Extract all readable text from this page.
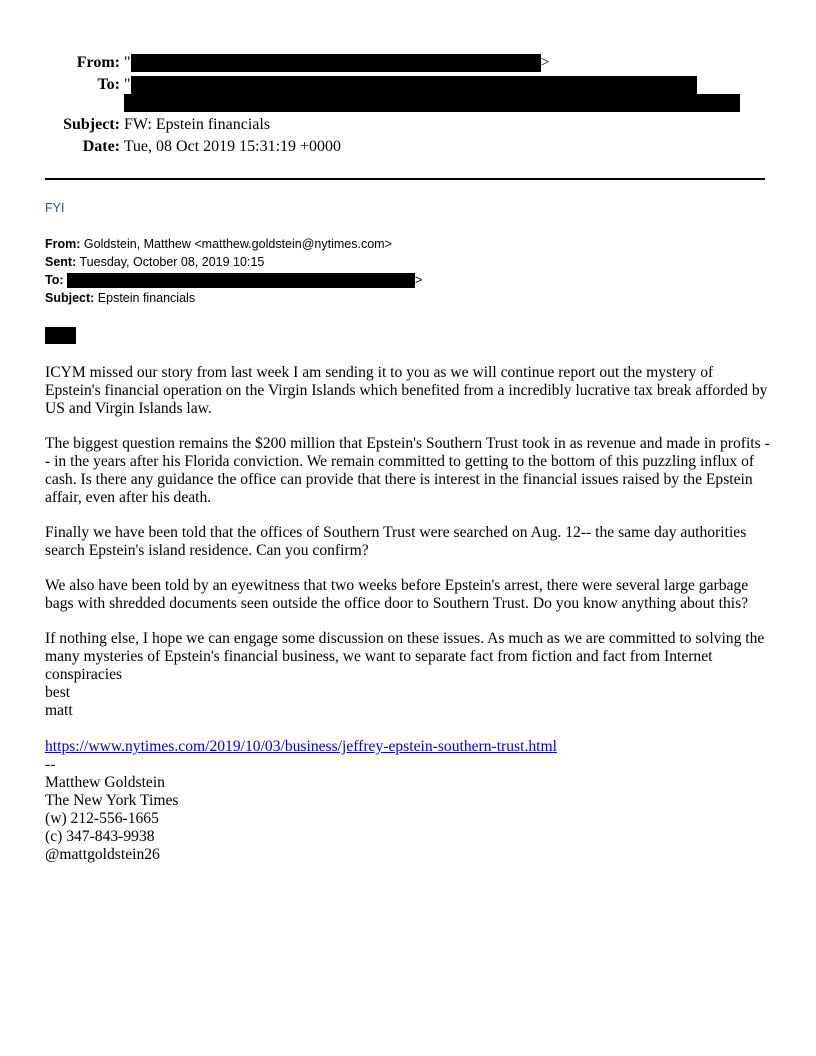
From: "	>
To: "
Subject: FW: Epstein financials
Date: Tue, 08 Oct 2019 15:31:19 +0000
FYI
From: Goldstein, Matthew <matthew.goldstein@nytimes.com>
Sent: Tuesday, October 08, 2019 10:15
To:	>
Subject: Epstein financials

ICYM missed our story from last week I am sending it to you as we will continue report out the mystery of Epstein's financial operation on the Virgin Islands which benefited from a incredibly lucrative tax break afforded by US and Virgin Islands law.

The biggest question remains the $200 million that Epstein's Southern Trust took in as revenue and made in profits -- in the years after his Florida conviction. We remain committed to getting to the bottom of this puzzling influx of cash. Is there any guidance the office can provide that there is interest in the financial issues raised by the Epstein affair, even after his death.

Finally we have been told that the offices of Southern Trust were searched on Aug. 12-- the same day authorities search Epstein's island residence. Can you confirm?

We also have been told by an eyewitness that two weeks before Epstein's arrest, there were several large garbage bags with shredded documents seen outside the office door to Southern Trust. Do you know anything about this?

If nothing else, I hope we can engage some discussion on these issues. As much as we are committed to solving the many mysteries of Epstein's financial business, we want to separate fact from fiction and fact from Internet conspiracies

best
matt
https://www.nytimes.com/2019/10/03/business/jeffrey-epstein-southern-trust.html
--
Matthew Goldstein
The New York Times
(w) 212-556-1665
(c) 347-843-9938
@mattgoldstein26
